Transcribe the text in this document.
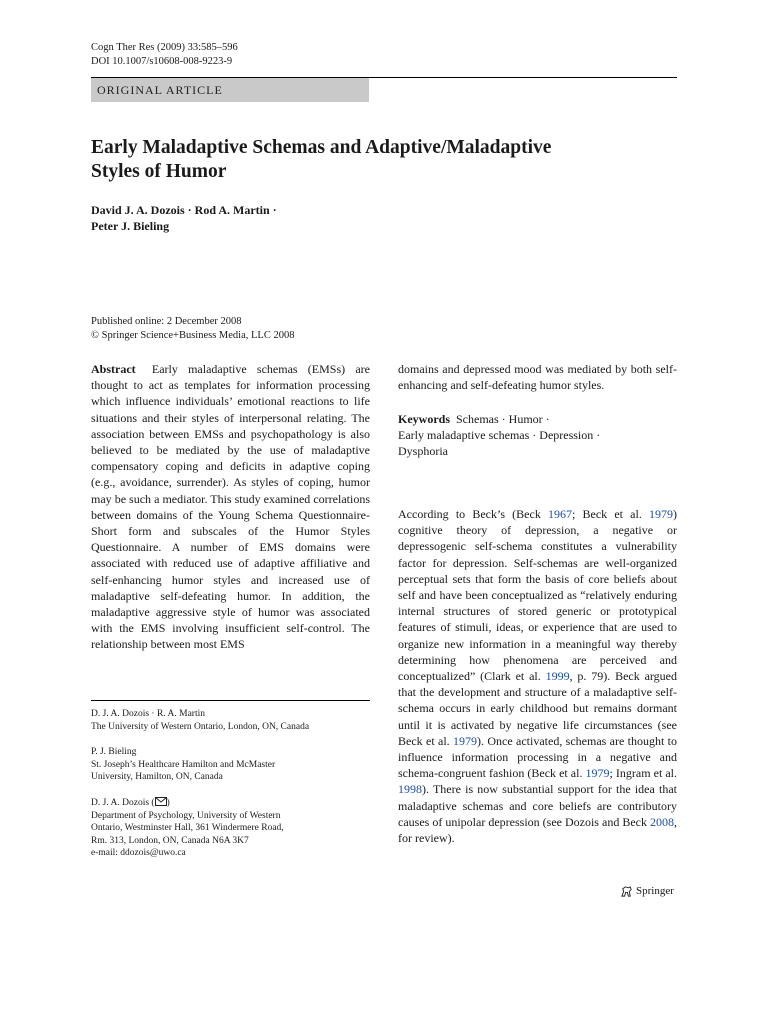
Cogn Ther Res (2009) 33:585–596
DOI 10.1007/s10608-008-9223-9
ORIGINAL ARTICLE
Early Maladaptive Schemas and Adaptive/Maladaptive
Styles of Humor
David J. A. Dozois · Rod A. Martin ·
Peter J. Bieling
Published online: 2 December 2008
© Springer Science+Business Media, LLC 2008
Abstract Early maladaptive schemas (EMSs) are thought to act as templates for information processing which influence individuals’ emotional reactions to life situations and their styles of interpersonal relating. The association between EMSs and psychopathology is also believed to be mediated by the use of maladaptive compensatory coping and deficits in adaptive coping (e.g., avoidance, surrender). As styles of coping, humor may be such a mediator. This study examined correlations between domains of the Young Schema Questionnaire-Short form and subscales of the Humor Styles Questionnaire. A number of EMS domains were associated with reduced use of adaptive affiliative and self-enhancing humor styles and increased use of maladaptive self-defeating humor. In addition, the maladaptive aggressive style of humor was associated with the EMS involving insufficient self-control. The relationship between most EMS
domains and depressed mood was mediated by both self-enhancing and self-defeating humor styles.
Keywords Schemas · Humor ·
Early maladaptive schemas · Depression ·
Dysphoria
According to Beck’s (Beck 1967; Beck et al. 1979) cognitive theory of depression, a negative or depressogenic self-schema constitutes a vulnerability factor for depression. Self-schemas are well-organized perceptual sets that form the basis of core beliefs about self and have been conceptualized as “relatively enduring internal structures of stored generic or prototypical features of stimuli, ideas, or experience that are used to organize new information in a meaningful way thereby determining how phenomena are perceived and conceptualized” (Clark et al. 1999, p. 79). Beck argued that the development and structure of a maladaptive self-schema occurs in early childhood but remains dormant until it is activated by negative life circumstances (see Beck et al. 1979). Once activated, schemas are thought to influence information processing in a negative and schema-congruent fashion (Beck et al. 1979; Ingram et al. 1998). There is now substantial support for the idea that maladaptive schemas and core beliefs are contributory causes of unipolar depression (see Dozois and Beck 2008, for review).
D. J. A. Dozois · R. A. Martin
The University of Western Ontario, London, ON, Canada
P. J. Bieling
St. Joseph’s Healthcare Hamilton and McMaster
University, Hamilton, ON, Canada
D. J. A. Dozois ( )
Department of Psychology, University of Western
Ontario, Westminster Hall, 361 Windermere Road,
Rm. 313, London, ON, Canada N6A 3K7
e-mail: ddozois@uwo.ca
Springer
